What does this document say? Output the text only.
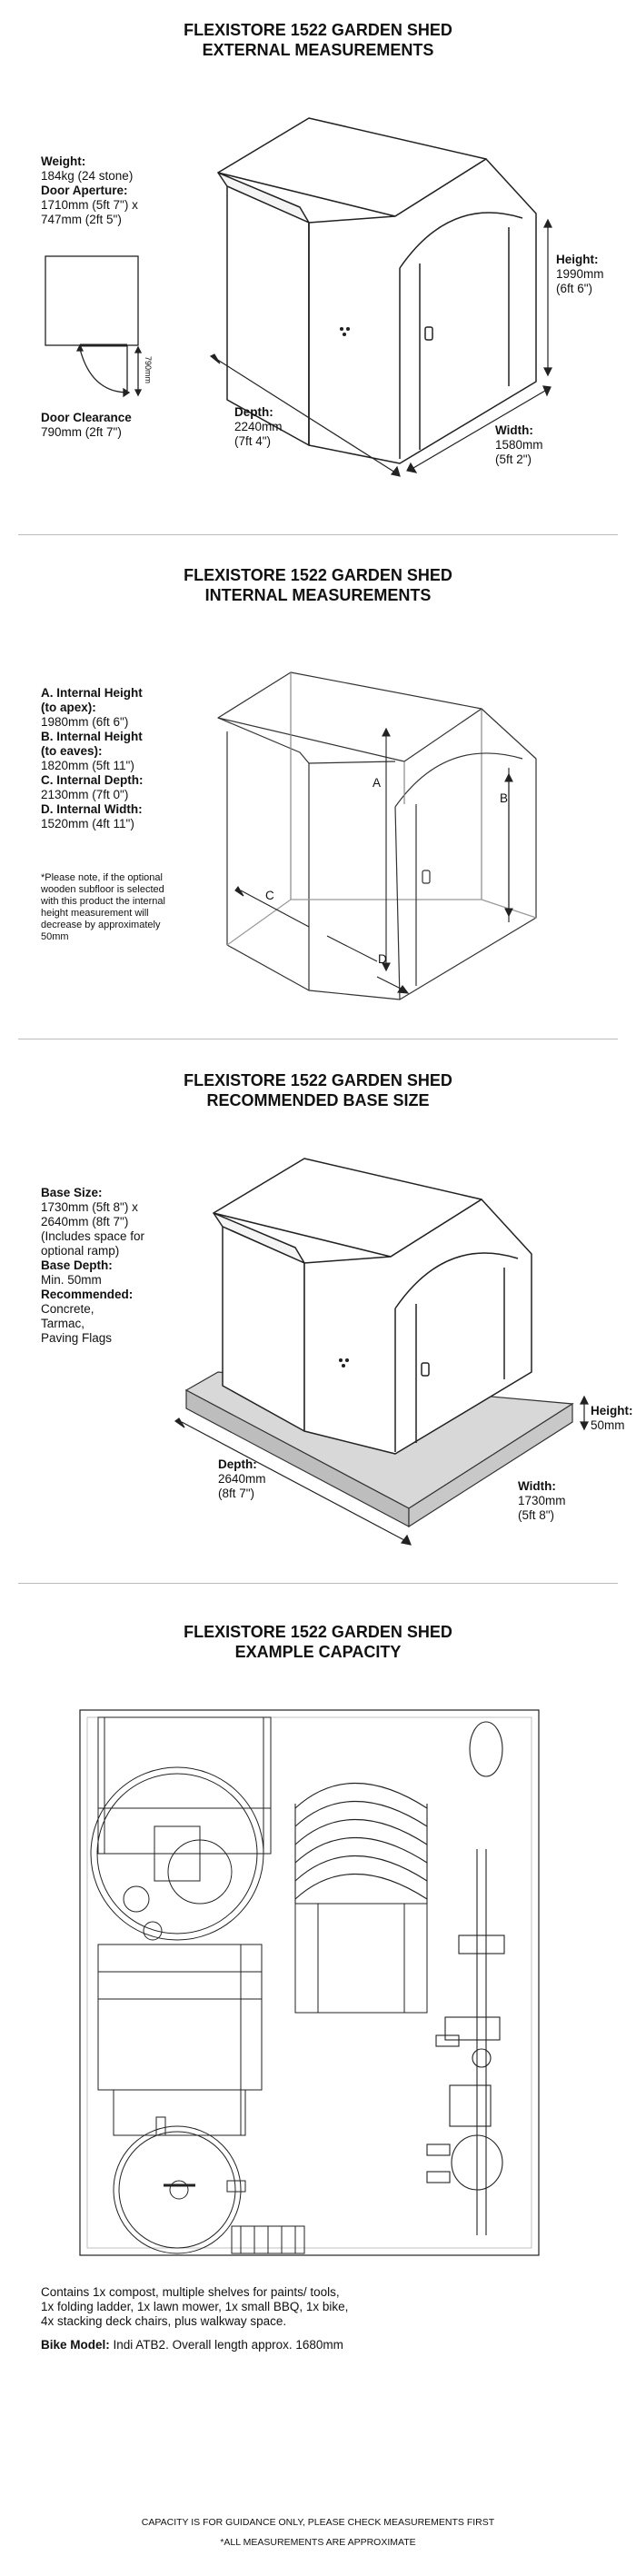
FLEXISTORE 1522 GARDEN SHED
EXTERNAL MEASUREMENTS
Weight:
184kg (24 stone)
Door Aperture:
1710mm (5ft 7") x
747mm (2ft 5")
Door Clearance
790mm (2ft 7")
790mm
Height:
1990mm
(6ft 6")
Depth:
2240mm
(7ft 4")
Width:
1580mm
(5ft 2")
FLEXISTORE 1522 GARDEN SHED
INTERNAL MEASUREMENTS
A. Internal Height
(to apex):
1980mm (6ft 6")
B. Internal Height
(to eaves):
1820mm (5ft 11")
C. Internal Depth:
2130mm (7ft 0")
D. Internal Width:
1520mm (4ft 11")
*Please note, if the optional
wooden subfloor is selected
with this product the internal
height measurement will
decrease by approximately
50mm
A
B
C
D
FLEXISTORE 1522 GARDEN SHED
RECOMMENDED BASE SIZE
Base Size:
1730mm (5ft 8") x
2640mm (8ft 7")
(Includes space for
optional ramp)
Base Depth:
Min. 50mm
Recommended:
Concrete,
Tarmac,
Paving Flags
Height:
50mm
Depth:
2640mm
(8ft 7")
Width:
1730mm
(5ft 8")
FLEXISTORE 1522 GARDEN SHED
EXAMPLE CAPACITY
Contains 1x compost, multiple shelves for paints/ tools,
1x folding ladder, 1x lawn mower, 1x small BBQ, 1x bike,
4x stacking deck chairs, plus walkway space.
Bike Model: Indi ATB2. Overall length approx. 1680mm
CAPACITY IS FOR GUIDANCE ONLY, PLEASE CHECK MEASUREMENTS FIRST
*ALL MEASUREMENTS ARE APPROXIMATE
